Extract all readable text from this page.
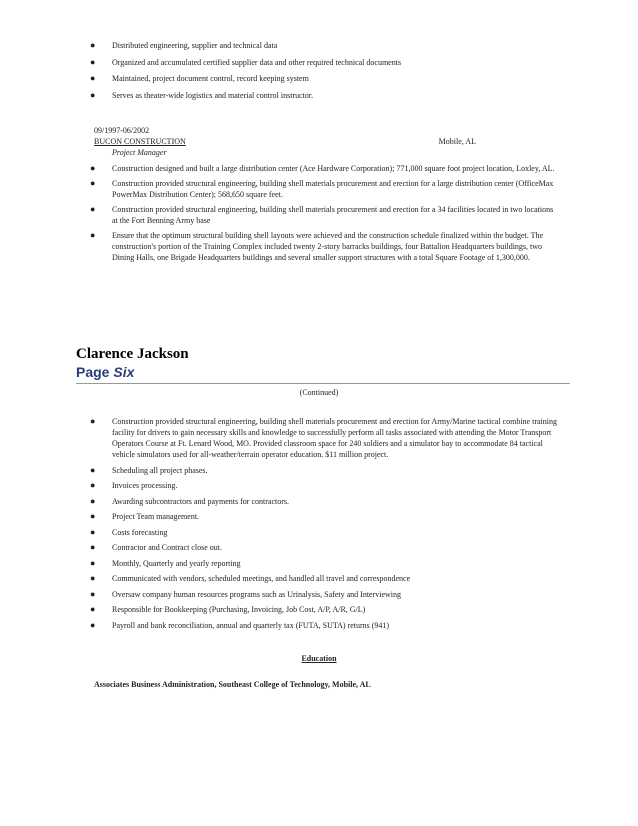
● Distributed engineering, supplier and technical data
● Organized and accumulated certified supplier data and other required technical documents
● Maintained, project document control, record keeping system
● Serves as theater-wide logistics and material control instructor.
09/1997-06/2002
BUCON CONSTRUCTION	Mobile, AL
Project Manager
● Construction designed and built a large distribution center (Ace Hardware Corporation); 771,000 square foot project location, Loxley, AL.
● Construction provided structural engineering, building shell materials procurement and erection for a large distribution center (OfficeMax PowerMax Distribution Center); 568,650 square feet.
● Construction provided structural engineering, building shell materials procurement and erection for a 34 facilities located in two locations at the Fort Benning Army base
● Ensure that the optimum structural building shell layouts were achieved and the construction schedule finalized within the budget. The construction's portion of the Training Complex included twenty 2-story barracks buildings, four Battalion Headquarters buildings, two Dining Halls, one Brigade Headquarters buildings and several smaller support structures with a total Square Footage of 1,300,000.
Clarence Jackson
Page Six
(Continued)
● Construction provided structural engineering, building shell materials procurement and erection for Army/Marine tactical combine training facility for drivers to gain necessary skills and knowledge to successfully perform all tasks associated with attending the Motor Transport Operators Course at Ft. Lenard Wood, MO. Provided classroom space for 240 soldiers and a simulator bay to accommodate 84 tactical vehicle simulators used for all-weather/terrain operator education. $11 million project.
● Scheduling all project phases.
● Invoices processing.
● Awarding subcontractors and payments for contractors.
● Project Team management.
● Costs forecasting
● Contractor and Contract close out.
● Monthly, Quarterly and yearly reporting
● Communicated with vendors, scheduled meetings, and handled all travel and correspondence
● Oversaw company human resources programs such as Urinalysis, Safety and Interviewing
● Responsible for Bookkeeping (Purchasing, Invoicing, Job Cost, A/P, A/R, G/L)
● Payroll and bank reconciliation, annual and quarterly tax (FUTA, SUTA) returns (941)
Education
Associates Business Administration, Southeast College of Technology, Mobile, AL
